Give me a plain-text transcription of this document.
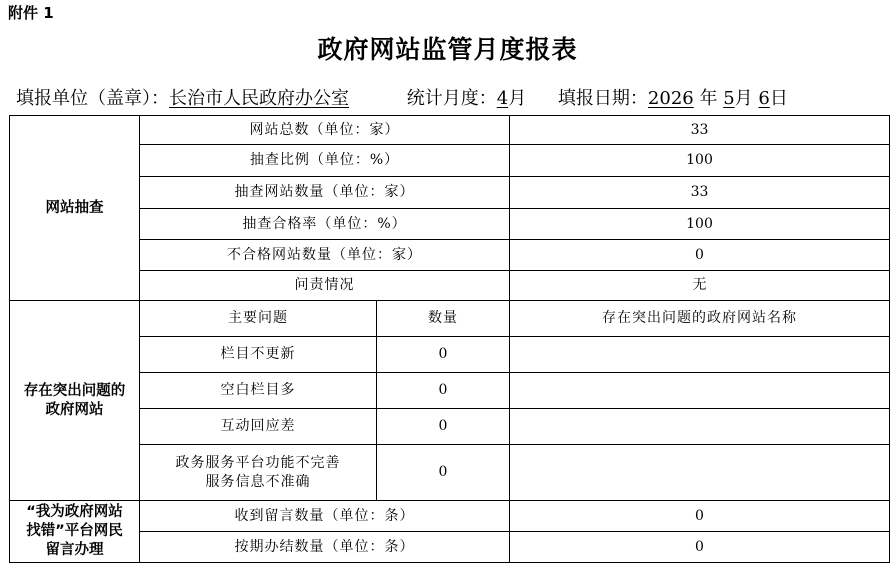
附件 1
政府网站监管月度报表
填报单位（盖章）：长治市人民政府办公室	统计月度：4月 填报日期：2026 年 5月 6日
网站抽查	网站总数（单位：家）		33
	抽查比例（单位：%）		100
	抽查网站数量（单位：家）		33
	抽查合格率（单位：%）		100
	不合格网站数量（单位：家）		0
	问责情况		无

存在突出问题的
政府网站	主要问题	数量	存在突出问题的政府网站名称
	栏目不更新	0	
	空白栏目多	0	
	互动回应差	0	

	政务服务平台功能不完善
服务信息不准确	0	

“我为政府网站
找错”平台网民
留言办理	收到留言数量（单位：条）		0
	按期办结数量（单位：条）		0
